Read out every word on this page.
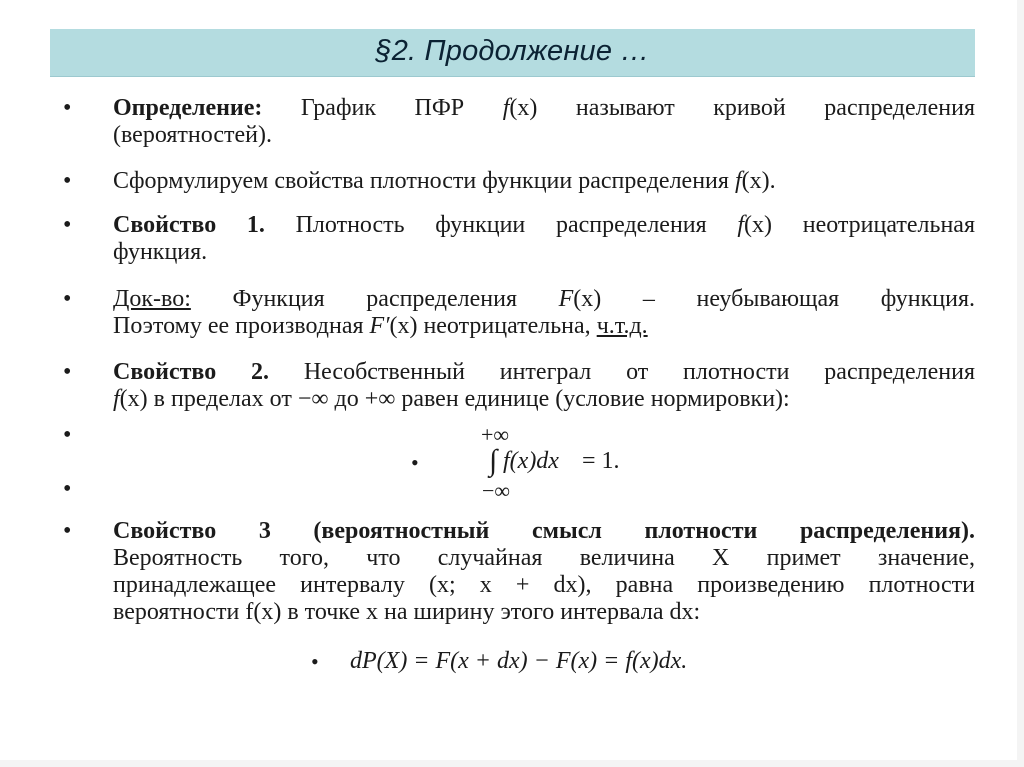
§2. Продолжение …
• Определение: График ПФР f(x) называют кривой распределения
(вероятностей).
• Сформулируем свойства плотности функции распределения f(x).
• Свойство 1. Плотность функции распределения f(x) неотрицательная
функция.
• Док-во: Функция распределения F(x) – неубывающая функция.
Поэтому ее производная F′(x) неотрицательна, ч.т.д.
• Свойство 2. Несобственный интеграл от плотности распределения
f(x) в пределах от −∞ до +∞ равен единице (условие нормировки):
•
•
+∞
• ∫ f(x)dx = 1.
−∞
• Свойство 3 (вероятностный смысл плотности распределения).
Вероятность того, что случайная величина X примет значение,
принадлежащее интервалу (x; x + dx), равна произведению плотности
вероятности f(x) в точке x на ширину этого интервала dx:
• dP(X) = F(x + dx) − F(x) = f(x)dx.
